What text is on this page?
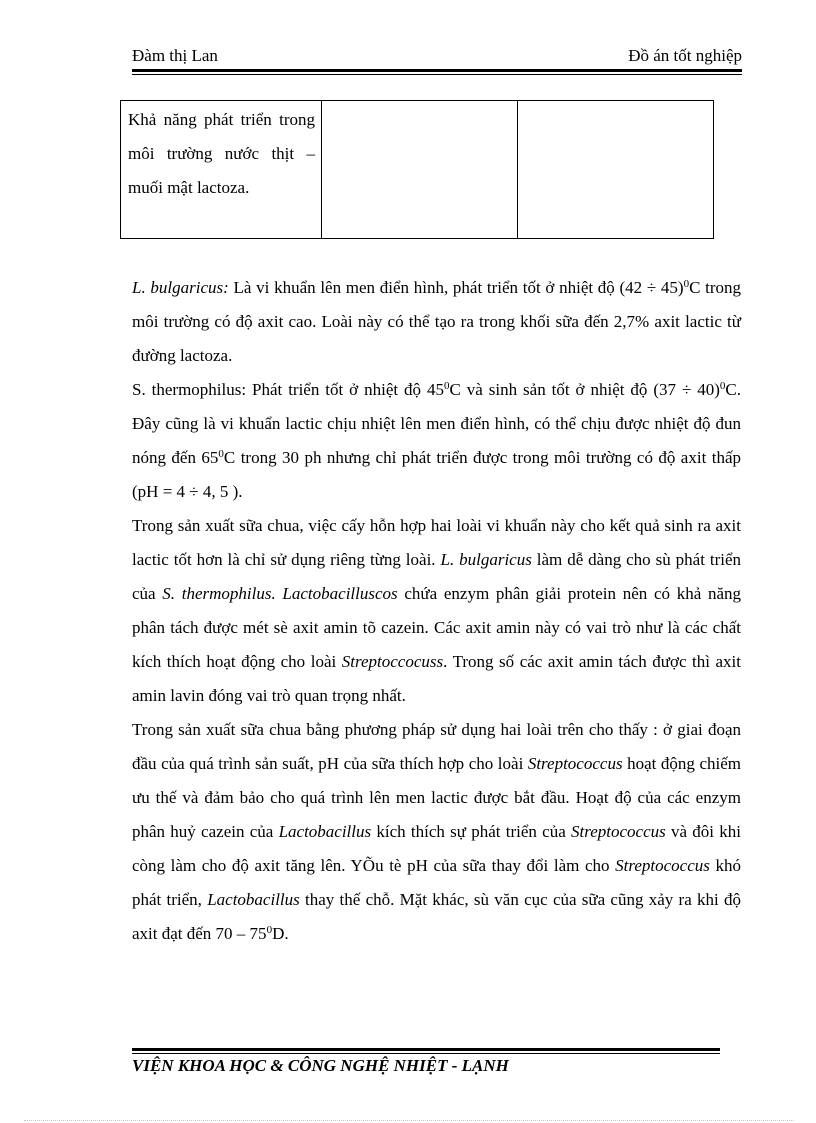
Đàm thị Lan	Đồ án tốt nghiệp
Khả năng phát triển trong môi trường nước thịt – muối mật lactoza.

L. bulgaricus: Là vi khuẩn lên men điển hình, phát triển tốt ở nhiệt độ $(42 \div 45)^0C$ trong môi trường có độ axit cao. Loài này có thể tạo ra trong khối sữa đến 2,7% axit lactic từ đường lactoza.

S. thermophilus: Phát triển tốt ở nhiệt độ $45^0C$ và sinh sản tốt ở nhiệt độ $(37 \div 40)^0C$. Đây cũng là vi khuẩn lactic chịu nhiệt lên men điển hình, có thể chịu được nhiệt độ đun nóng đến $65^0C$ trong 30 ph nhưng chỉ phát triển được trong môi trường có độ axit thấp (pH = 4 ÷ 4, 5 ).

Trong sản xuất sữa chua, việc cấy hỗn hợp hai loài vi khuẩn này cho kết quả sinh ra axit lactic tốt hơn là chỉ sử dụng riêng từng loài. L. bulgaricus làm dễ dàng cho sù phát triển của S. thermophilus. Lactobacilluscos chứa enzym phân giải protein nên có khả năng phân tách được mét sè axit amin tõ cazein. Các axit amin này có vai trò như là các chất kích thích hoạt động cho loài Streptoccocuss. Trong số các axit amin tách được thì axit amin lavin đóng vai trò quan trọng nhất.

Trong sản xuất sữa chua bằng phương pháp sử dụng hai loài trên cho thấy : ở giai đoạn đầu của quá trình sản suất, pH của sữa thích hợp cho loài Streptococcus hoạt động chiếm ưu thế và đảm bảo cho quá trình lên men lactic được bắt đầu. Hoạt độ của các enzym phân huỷ cazein của Lactobacillus kích thích sự phát triển của Streptococcus và đôi khi còng làm cho độ axit tăng lên. YÕu tè pH của sữa thay đổi làm cho Streptococcus khó phát triển, Lactobacillus thay thế chỗ. Mặt khác, sù văn cục của sữa cũng xảy ra khi độ axit đạt đến $70 - 75^0D$.

VIỆN KHOA HỌC & CÔNG NGHỆ NHIỆT - LẠNH
